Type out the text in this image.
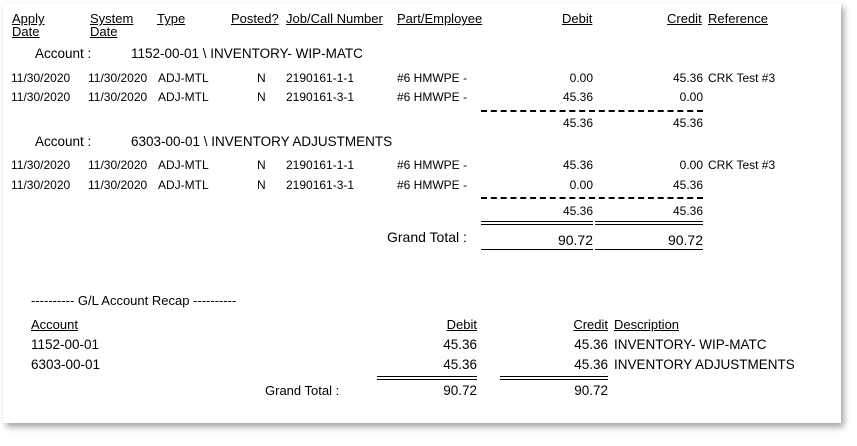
Apply
Date
System
Date
Type	Posted? Job/Call Number Part/Employee	Debit	Credit Reference
Account :	1152-00-01 \ INVENTORY- WIP-MATC
11/30/2020 11/30/2020 ADJ-MTL	N 2190161-1-1	#6 HMWPE -	0.00	45.36 CRK Test #3
11/30/2020 11/30/2020 ADJ-MTL	N 2190161-3-1	#6 HMWPE -	45.36	0.00
45.36	45.36
Account :	6303-00-01 \ INVENTORY ADJUSTMENTS
11/30/2020 11/30/2020 ADJ-MTL	N 2190161-1-1	#6 HMWPE -	45.36	0.00 CRK Test #3
11/30/2020 11/30/2020 ADJ-MTL	N 2190161-3-1	#6 HMWPE -	0.00	45.36
45.36	45.36
Grand Total :	90.72	90.72
---------- G/L Account Recap ----------
Account	Debit	Credit Description
1152-00-01	45.36	45.36 INVENTORY- WIP-MATC
6303-00-01	45.36	45.36 INVENTORY ADJUSTMENTS
Grand Total :	90.72	90.72
